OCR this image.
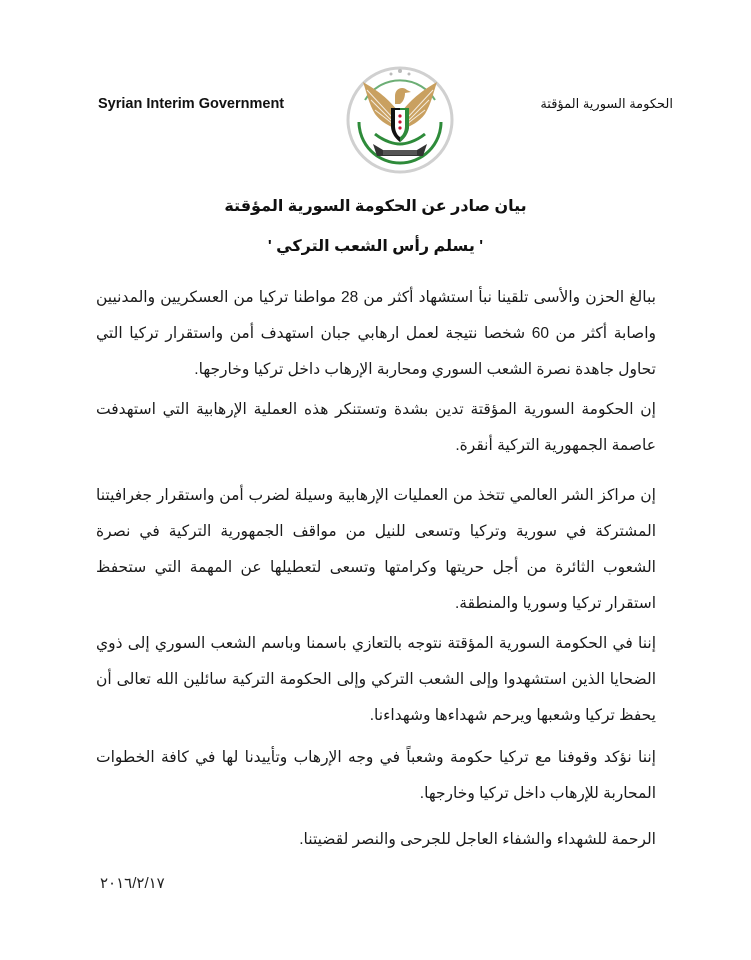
Syrian Interim Government	الحكومة السورية المؤقتة
بيان صادر عن الحكومة السورية المؤقتة
' يسلم رأس الشعب التركي '

ببالغ الحزن والأسى تلقينا نبأ استشهاد أكثر من 28 مواطنا تركيا من العسكريين والمدنيين واصابة أكثر من 60 شخصا نتيجة لعمل ارهابي جبان استهدف أمن واستقرار تركيا التي تحاول جاهدة نصرة الشعب السوري ومحاربة الإرهاب داخل تركيا وخارجها.

إن الحكومة السورية المؤقتة تدين بشدة وتستنكر هذه العملية الإرهابية التي استهدفت عاصمة الجمهورية التركية أنقرة.

إن مراكز الشر العالمي تتخذ من العمليات الإرهابية وسيلة لضرب أمن واستقرار جغرافيتنا المشتركة في سورية وتركيا وتسعى للنيل من مواقف الجمهورية التركية في نصرة الشعوب الثائرة من أجل حريتها وكرامتها وتسعى لتعطيلها عن المهمة التي ستحفظ استقرار تركيا وسوريا والمنطقة.

إننا في الحكومة السورية المؤقتة نتوجه بالتعازي باسمنا وباسم الشعب السوري إلى ذوي الضحايا الذين استشهدوا وإلى الشعب التركي وإلى الحكومة التركية سائلين الله تعالى أن يحفظ تركيا وشعبها ويرحم شهداءها وشهداءنا.

إننا نؤكد وقوفنا مع تركيا حكومة وشعباً في وجه الإرهاب وتأييدنا لها في كافة الخطوات المحاربة للإرهاب داخل تركيا وخارجها.

الرحمة للشهداء والشفاء العاجل للجرحى والنصر لقضيتنا.

٢٠١٦/٢/١٧
